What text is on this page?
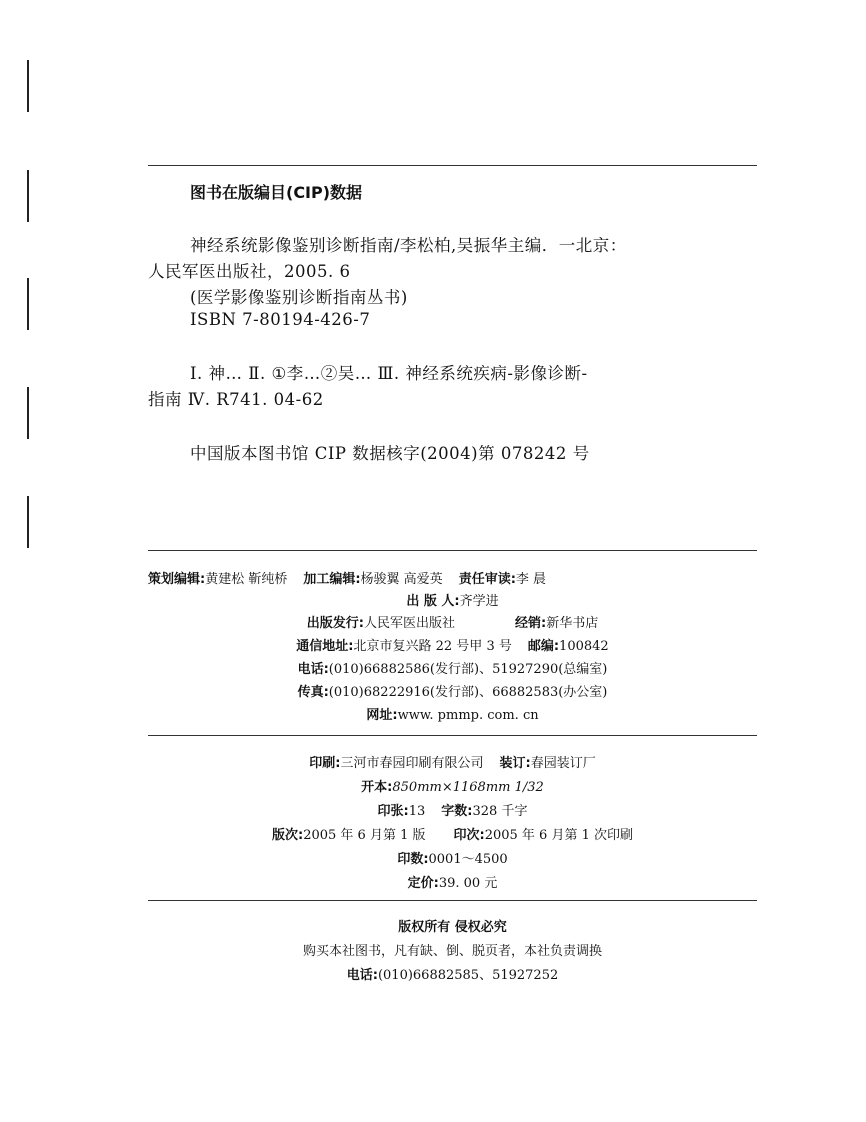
图书在版编目(CIP)数据
神经系统影像鉴别诊断指南/李松柏,吴振华主编．一北京：
人民军医出版社，2005. 6
(医学影像鉴别诊断指南丛书)
ISBN 7-80194-426-7
Ⅰ. 神… Ⅱ. ①李…②吴… Ⅲ. 神经系统疾病-影像诊断-
指南 Ⅳ. R741. 04-62
中国版本图书馆 CIP 数据核字(2004)第 078242 号
策划编辑:黄建松 靳纯桥 加工编辑:杨骏翼 高爱英 责任审读:李 晨
出 版 人:齐学进
出版发行:人民军医出版社	经销:新华书店
通信地址:北京市复兴路 22 号甲 3 号 邮编:100842
电话:(010)66882586(发行部)、51927290(总编室)
传真:(010)68222916(发行部)、66882583(办公室)
网址:www. pmmp. com. cn
印刷:三河市春园印刷有限公司 装订:春园装订厂
开本:850mm×1168mm 1/32
印张:13 字数:328 千字
版次:2005 年 6 月第 1 版 印次:2005 年 6 月第 1 次印刷
印数:0001～4500
定价:39. 00 元
版权所有 侵权必究
购买本社图书，凡有缺、倒、脱页者，本社负责调换
电话:(010)66882585、51927252
